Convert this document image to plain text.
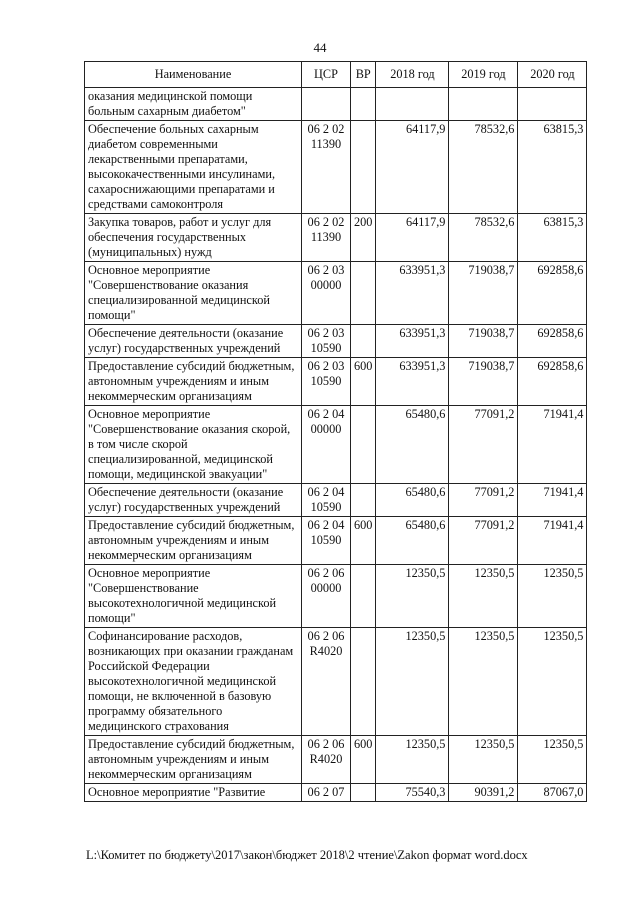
44
Наименование	ЦСР	ВР	2018 год	2019 год	2020 год
оказания медицинской помощи больным сахарным диабетом"					
Обеспечение больных сахарным диабетом современными лекарственными препаратами, высококачественными инсулинами, сахароснижающими препаратами и средствами самоконтроля	06 2 02 11390		64117,9	78532,6	63815,3
Закупка товаров, работ и услуг для обеспечения государственных (муниципальных) нужд	06 2 02 11390	200	64117,9	78532,6	63815,3
Основное мероприятие "Совершенствование оказания специализированной медицинской помощи"	06 2 03 00000		633951,3	719038,7	692858,6
Обеспечение деятельности (оказание услуг) государственных учреждений	06 2 03 10590		633951,3	719038,7	692858,6
Предоставление субсидий бюджетным, автономным учреждениям и иным некоммерческим организациям	06 2 03 10590	600	633951,3	719038,7	692858,6
Основное мероприятие "Совершенствование оказания скорой, в том числе скорой специализированной, медицинской помощи, медицинской эвакуации"	06 2 04 00000		65480,6	77091,2	71941,4
Обеспечение деятельности (оказание услуг) государственных учреждений	06 2 04 10590		65480,6	77091,2	71941,4
Предоставление субсидий бюджетным, автономным учреждениям и иным некоммерческим организациям	06 2 04 10590	600	65480,6	77091,2	71941,4
Основное мероприятие "Совершенствование высокотехнологичной медицинской помощи"	06 2 06 00000		12350,5	12350,5	12350,5
Софинансирование расходов, возникающих при оказании гражданам Российской Федерации высокотехнологичной медицинской помощи, не включенной в базовую программу обязательного медицинского страхования	06 2 06 R4020		12350,5	12350,5	12350,5
Предоставление субсидий бюджетным, автономным учреждениям и иным некоммерческим организациям	06 2 06 R4020	600	12350,5	12350,5	12350,5
Основное мероприятие "Развитие	06 2 07		75540,3	90391,2	87067,0
L:\Комитет по бюджету\2017\закон\бюджет 2018\2 чтение\Zakon формат word.docx
